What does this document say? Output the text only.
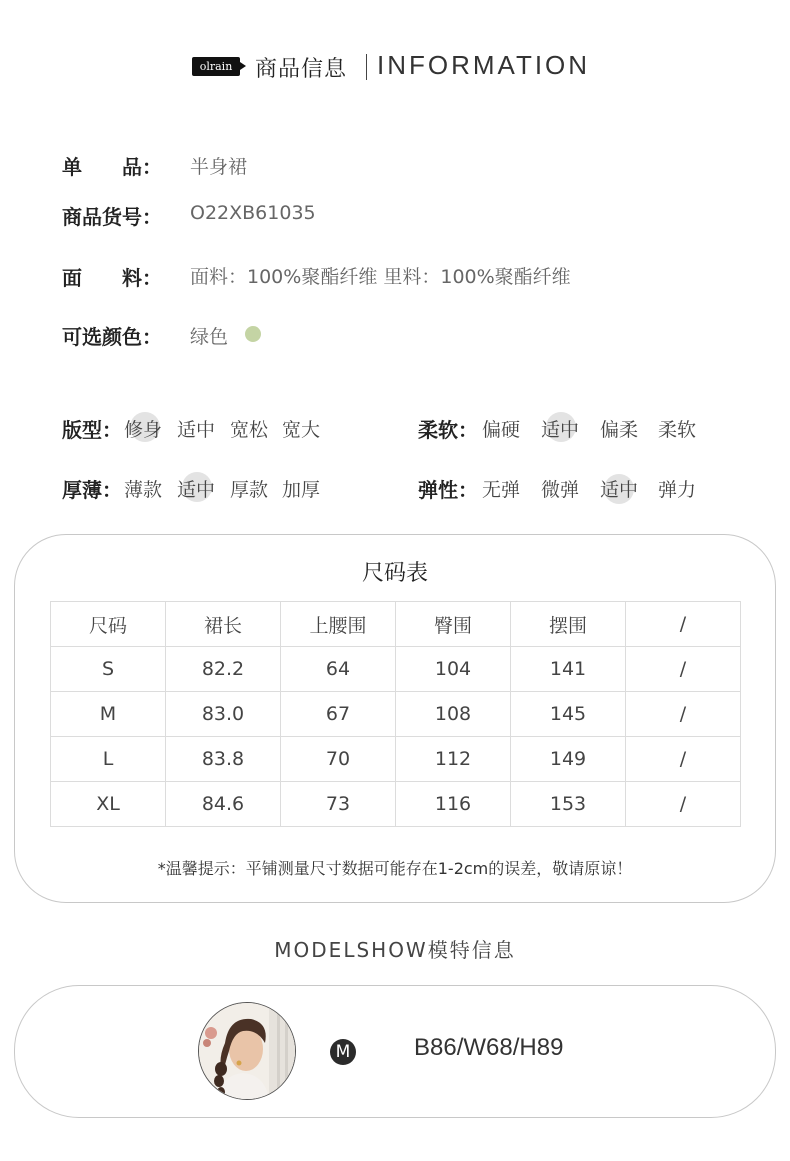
olrain	商品信息 INFORMATION
单　　品： 半身裙
商品货号： O22XB61035
面　　料： 面料：100%聚酯纤维 里料：100%聚酯纤维
可选颜色： 绿色
版型： 修身 适中 宽松 宽大	柔软： 偏硬 适中 偏柔 柔软
厚薄： 薄款 适中 厚款 加厚	弹性： 无弹 微弹 适中 弹力
尺码表
尺码	裙长	上腰围	臀围	摆围	/
S	82.2	64	104	141	/
M	83.0	67	108	145	/
L	83.8	70	112	149	/
XL	84.6	73	116	153	/
*温馨提示：平铺测量尺寸数据可能存在1-2cm的误差，敬请原谅！
MODELSHOW模特信息
M	B86/W68/H89
